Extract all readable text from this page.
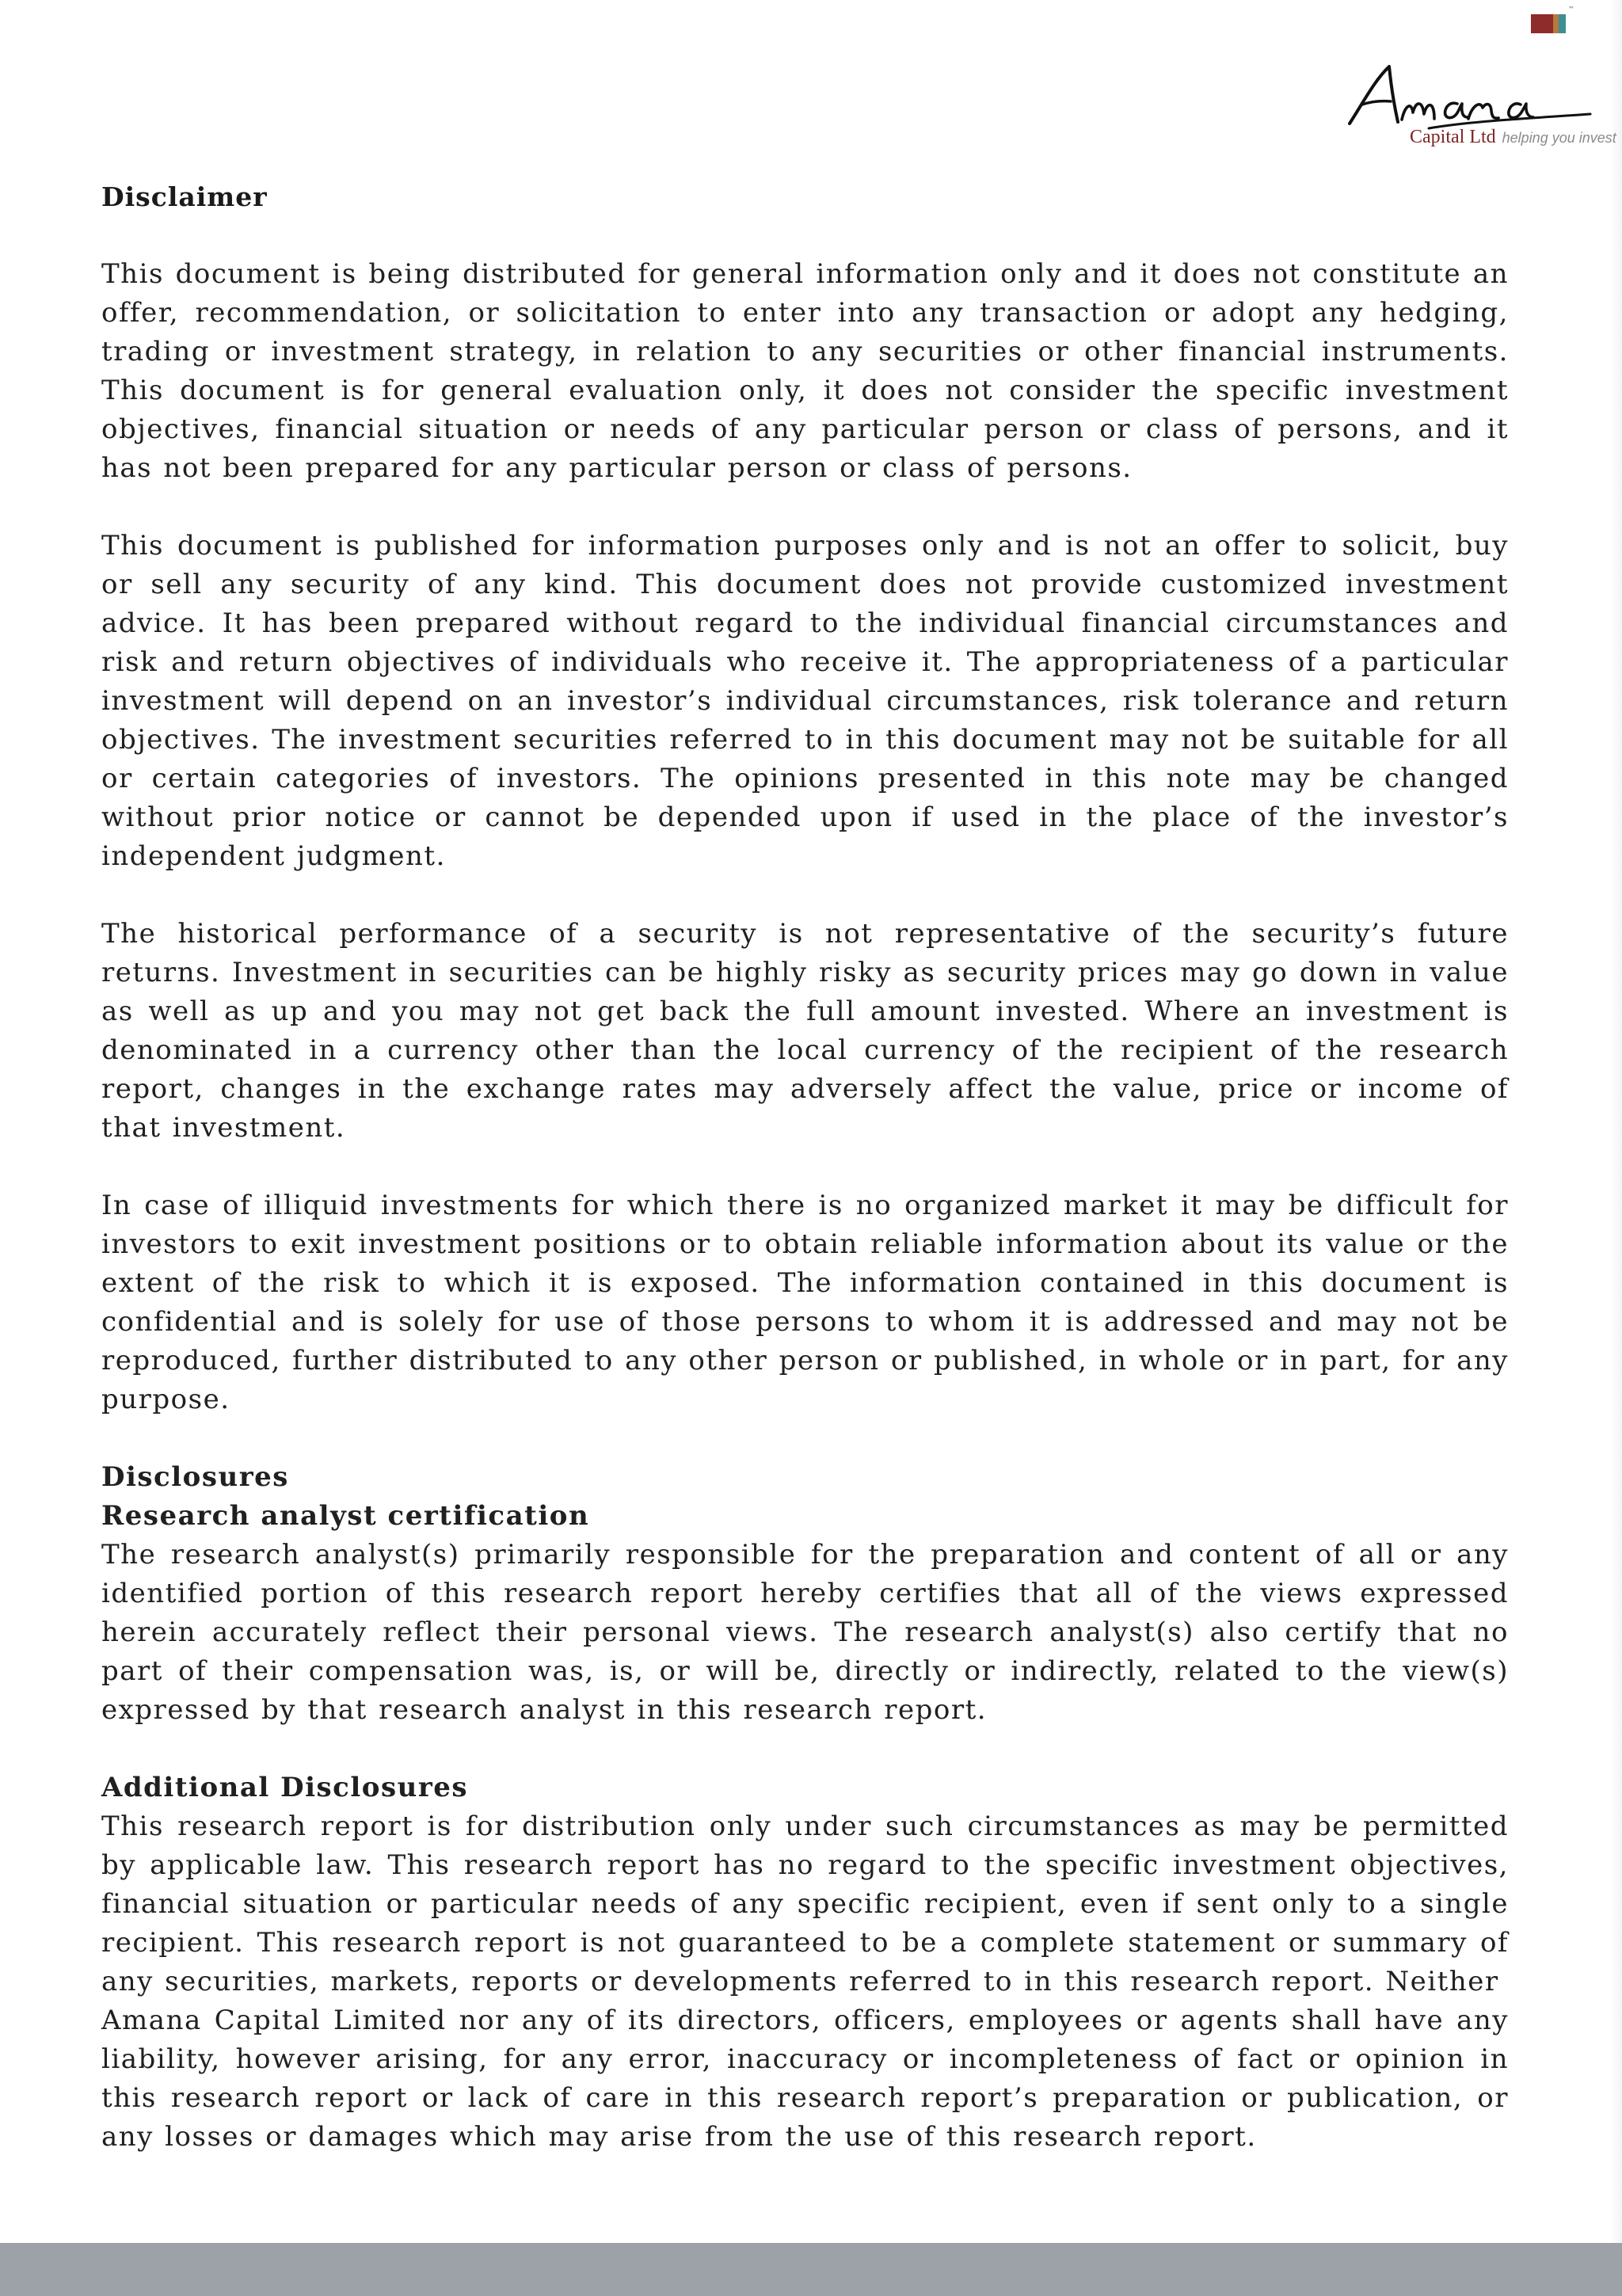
™
Amana	Capital Ltd helping you invest
Disclaimer

This document is being distributed for general information only and it does not constitute an offer, recommendation, or solicitation to enter into any transaction or adopt any hedging, trading or investment strategy, in relation to any securities or other financial instruments. This document is for general evaluation only, it does not consider the specific investment objectives, financial situation or needs of any particular person or class of persons, and it has not been prepared for any particular person or class of persons.

This document is published for information purposes only and is not an offer to solicit, buy or sell any security of any kind. This document does not provide customized investment advice. It has been prepared without regard to the individual financial circumstances and risk and return objectives of individuals who receive it. The appropriateness of a particular investment will depend on an investor’s individual circumstances, risk tolerance and return objectives. The investment securities referred to in this document may not be suitable for all or certain categories of investors. The opinions presented in this note may be changed without prior notice or cannot be depended upon if used in the place of the investor’s independent judgment.

The historical performance of a security is not representative of the security’s future returns. Investment in securities can be highly risky as security prices may go down in value as well as up and you may not get back the full amount invested. Where an investment is denominated in a currency other than the local currency of the recipient of the research report, changes in the exchange rates may adversely affect the value, price or income of that investment.

In case of illiquid investments for which there is no organized market it may be difficult for investors to exit investment positions or to obtain reliable information about its value or the extent of the risk to which it is exposed. The information contained in this document is confidential and is solely for use of those persons to whom it is addressed and may not be reproduced, further distributed to any other person or published, in whole or in part, for any purpose.

Disclosures
Research analyst certification

The research analyst(s) primarily responsible for the preparation and content of all or any identified portion of this research report hereby certifies that all of the views expressed herein accurately reflect their personal views. The research analyst(s) also certify that no part of their compensation was, is, or will be, directly or indirectly, related to the view(s) expressed by that research analyst in this research report.

Additional Disclosures

This research report is for distribution only under such circumstances as may be permitted by applicable law. This research report has no regard to the specific investment objectives, financial situation or particular needs of any specific recipient, even if sent only to a single recipient. This research report is not guaranteed to be a complete statement or summary of any securities, markets, reports or developments referred to in this research report. Neither

Amana Capital Limited nor any of its directors, officers, employees or agents shall have any liability, however arising, for any error, inaccuracy or incompleteness of fact or opinion in this research report or lack of care in this research report’s preparation or publication, or any losses or damages which may arise from the use of this research report.
